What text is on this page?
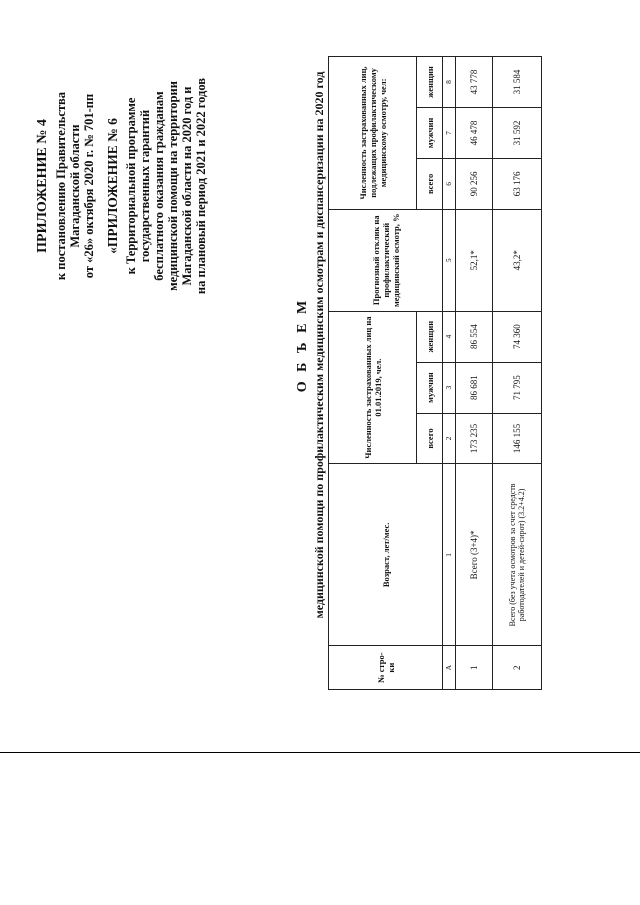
ПРИЛОЖЕНИЕ № 4 к постановлению Правительства Магаданской области от «26» октября 2020 г. № 701-пп «ПРИЛОЖЕНИЕ № 6 к Территориальной программе государственных гарантий бесплатного оказания гражданам медицинской помощи на территории Магаданской области на 2020 год и на плановый период 2021 и 2022 годов
О Б Ъ Е М медицинской помощи по профилактическим медицинским осмотрам и диспансеризации на 2020 год
№ стро-ки	Возраст, лет/мес.	Численность застрахованных лиц на 01.01.2019, чел.			Прогнозный отклик на профилактический медицинский осмотр, %	Численность застрахованных лиц, подлежащих профилактическому медицинскому осмотру, чел:		
		всего	мужчин	женщин		всего	мужчин	женщин
А	1	2	3	4	5	6	7	8
1	Всего (3+4)*	173 235	86 681	86 554	52,1*	90 256	46 478	43 778
2	Всего (без учета осмотров за счет средств работодателей и детей-сирот) (3.2+4.2)	146 155	71 795	74 360	43,2*	63 176	31 592	31 584
